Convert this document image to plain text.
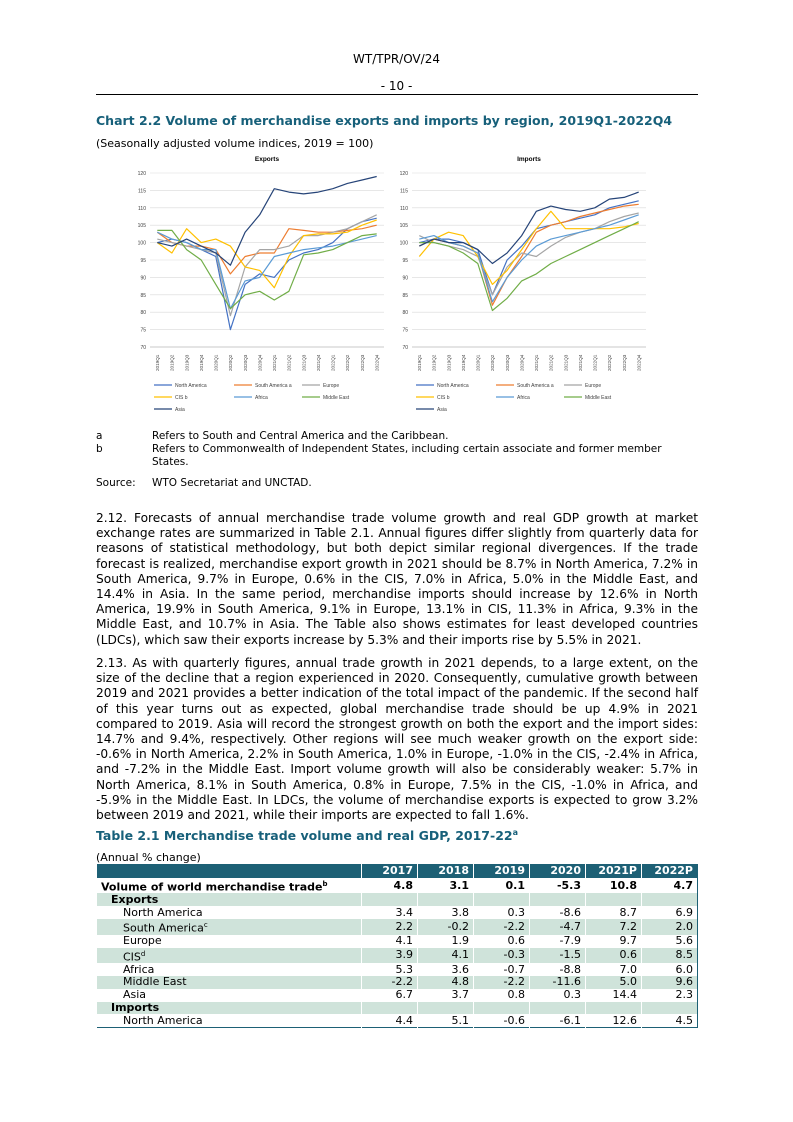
WT/TPR/OV/24
- 10 -
Chart 2.2 Volume of merchandise exports and imports by region, 2019Q1-2022Q4
(Seasonally adjusted volume indices, 2019 = 100)
Exports
70
75
80
85
90
95
100
105
110
115
120
2019Q1 2019Q2 2019Q3 2019Q4 2020Q1 2020Q2 2020Q3 2020Q4 2021Q1 2021Q2 2021Q3 2021Q4 2022Q1 2022Q2 2022Q3 2022Q4
North America	South America a	Europe
CIS b	Africa	Middle East
Asia
Imports
70
75
80
85
90
95
100
105
110
115
120
2019Q1 2019Q2 2019Q3 2019Q4 2020Q1 2020Q2 2020Q3 2020Q4 2021Q1 2021Q2 2021Q3 2021Q4 2022Q1 2022Q2 2022Q3 2022Q4
North America	South America a	Europe
CIS b	Africa	Middle East
Asia
a	Refers to South and Central America and the Caribbean.
b	Refers to Commonwealth of Independent States, including certain associate and former member
States.
Source: WTO Secretariat and UNCTAD.
2.12. Forecasts of annual merchandise trade volume growth and real GDP growth at market exchange rates are summarized in Table 2.1. Annual figures differ slightly from quarterly data for reasons of statistical methodology, but both depict similar regional divergences. If the trade forecast is realized, merchandise export growth in 2021 should be 8.7% in North America, 7.2% in South America, 9.7% in Europe, 0.6% in the CIS, 7.0% in Africa, 5.0% in the Middle East, and 14.4% in Asia. In the same period, merchandise imports should increase by 12.6% in North America, 19.9% in South America, 9.1% in Europe, 13.1% in CIS, 11.3% in Africa, 9.3% in the Middle East, and 10.7% in Asia. The Table also shows estimates for least developed countries (LDCs), which saw their exports increase by 5.3% and their imports rise by 5.5% in 2021.
2.13. As with quarterly figures, annual trade growth in 2021 depends, to a large extent, on the size of the decline that a region experienced in 2020. Consequently, cumulative growth between 2019 and 2021 provides a better indication of the total impact of the pandemic. If the second half of this year turns out as expected, global merchandise trade should be up 4.9% in 2021 compared to 2019. Asia will record the strongest growth on both the export and the import sides: 14.7% and 9.4%, respectively. Other regions will see much weaker growth on the export side: -0.6% in North America, 2.2% in South America, 1.0% in Europe, -1.0% in the CIS, -2.4% in Africa, and -7.2% in the Middle East. Import volume growth will also be considerably weaker: 5.7% in North America, 8.1% in South America, 0.8% in Europe, 7.5% in the CIS, -1.0% in Africa, and -5.9% in the Middle East. In LDCs, the volume of merchandise exports is expected to grow 3.2% between 2019 and 2021, while their imports are expected to fall 1.6%.
Table 2.1 Merchandise trade volume and real GDP, 2017-22$^a$
(Annual % change)
	2017	2018	2019	2020	2021P	2022P
Volume of world merchandise trade$^b$	4.8	3.1	0.1	-5.3	10.8	4.7
Exports						
North America	3.4	3.8	0.3	-8.6	8.7	6.9
South America$^c$	2.2	-0.2	-2.2	-4.7	7.2	2.0
Europe	4.1	1.9	0.6	-7.9	9.7	5.6
CIS$^d$	3.9	4.1	-0.3	-1.5	0.6	8.5
Africa	5.3	3.6	-0.7	-8.8	7.0	6.0
Middle East	-2.2	4.8	-2.2	-11.6	5.0	9.6
Asia	6.7	3.7	0.8	0.3	14.4	2.3
Imports						
North America	4.4	5.1	-0.6	-6.1	12.6	4.5
